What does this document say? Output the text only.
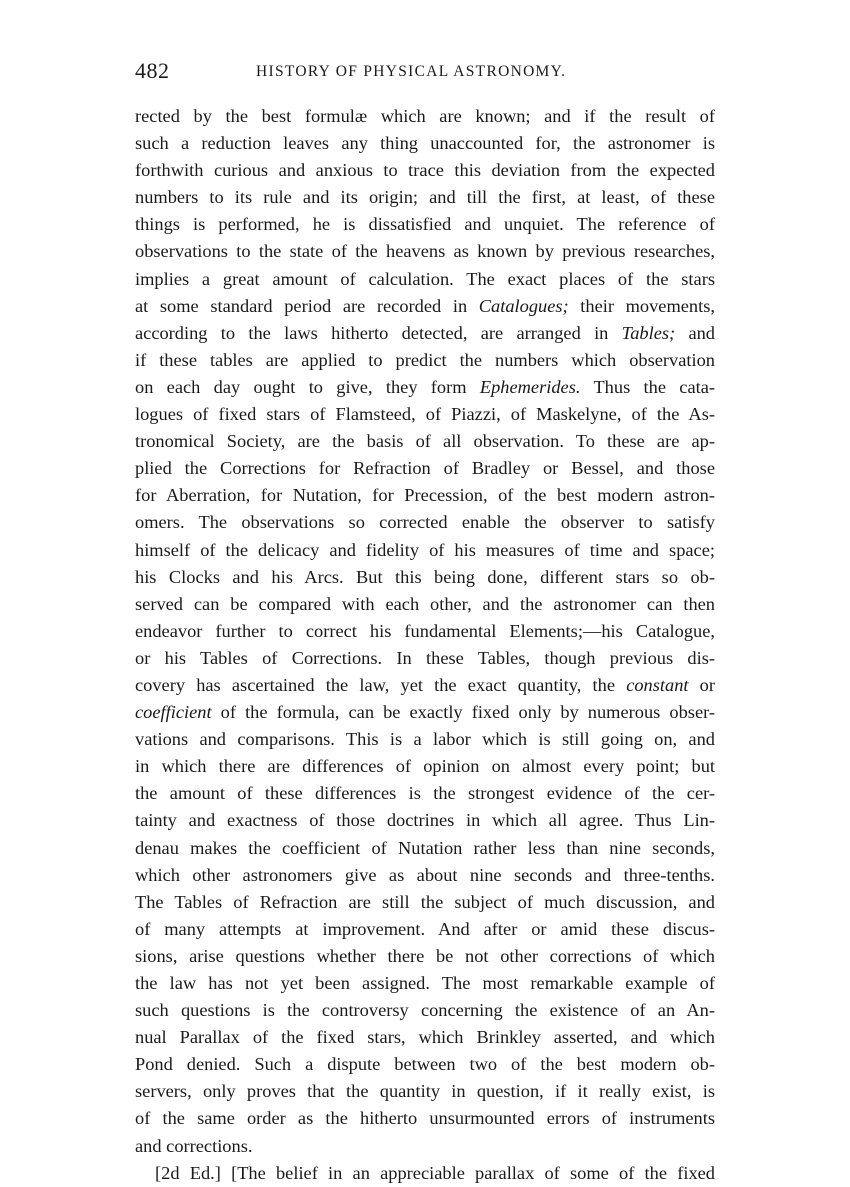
482	HISTORY OF PHYSICAL ASTRONOMY.
rected by the best formulæ which are known; and if the result of
such a reduction leaves any thing unaccounted for, the astronomer is
forthwith curious and anxious to trace this deviation from the expected
numbers to its rule and its origin; and till the first, at least, of these
things is performed, he is dissatisfied and unquiet. The reference of
observations to the state of the heavens as known by previous researches,
implies a great amount of calculation. The exact places of the stars
at some standard period are recorded in Catalogues; their movements,
according to the laws hitherto detected, are arranged in Tables; and
if these tables are applied to predict the numbers which observation
on each day ought to give, they form Ephemerides. Thus the cata-
logues of fixed stars of Flamsteed, of Piazzi, of Maskelyne, of the As-
tronomical Society, are the basis of all observation. To these are ap-
plied the Corrections for Refraction of Bradley or Bessel, and those
for Aberration, for Nutation, for Precession, of the best modern astron-
omers. The observations so corrected enable the observer to satisfy
himself of the delicacy and fidelity of his measures of time and space;
his Clocks and his Arcs. But this being done, different stars so ob-
served can be compared with each other, and the astronomer can then
endeavor further to correct his fundamental Elements;—his Catalogue,
or his Tables of Corrections. In these Tables, though previous dis-
covery has ascertained the law, yet the exact quantity, the constant or
coefficient of the formula, can be exactly fixed only by numerous obser-
vations and comparisons. This is a labor which is still going on, and
in which there are differences of opinion on almost every point; but
the amount of these differences is the strongest evidence of the cer-
tainty and exactness of those doctrines in which all agree. Thus Lin-
denau makes the coefficient of Nutation rather less than nine seconds,
which other astronomers give as about nine seconds and three-tenths.
The Tables of Refraction are still the subject of much discussion, and
of many attempts at improvement. And after or amid these discus-
sions, arise questions whether there be not other corrections of which
the law has not yet been assigned. The most remarkable example of
such questions is the controversy concerning the existence of an An-
nual Parallax of the fixed stars, which Brinkley asserted, and which
Pond denied. Such a dispute between two of the best modern ob-
servers, only proves that the quantity in question, if it really exist, is
of the same order as the hitherto unsurmounted errors of instruments
and corrections.
[2d Ed.] [The belief in an appreciable parallax of some of the fixed
